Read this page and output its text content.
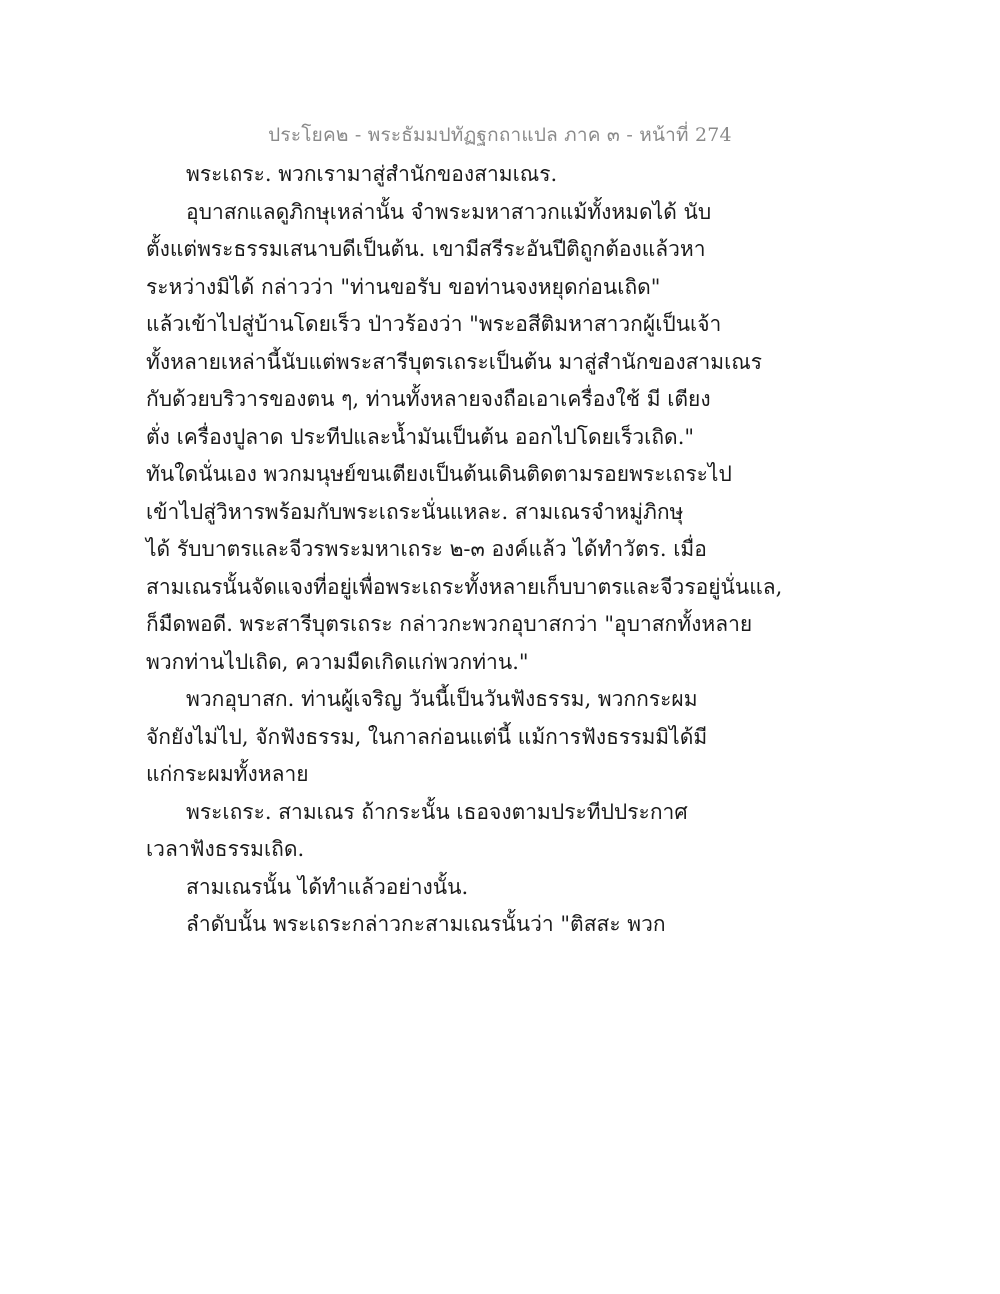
ประโยค๒ - พระธัมมปทัฏฐกถาแปล ภาค ๓ - หน้าที่ 274
พระเถระ. พวกเรามาสู่สำนักของสามเณร.
อุบาสกแลดูภิกษุเหล่านั้น จำพระมหาสาวกแม้ทั้งหมดได้ นับ
ตั้งแต่พระธรรมเสนาบดีเป็นต้น. เขามีสรีระอันปีติถูกต้องแล้วหา
ระหว่างมิได้ กล่าวว่า "ท่านขอรับ ขอท่านจงหยุดก่อนเถิด"
แล้วเข้าไปสู่บ้านโดยเร็ว ป่าวร้องว่า "พระอสีติมหาสาวกผู้เป็นเจ้า
ทั้งหลายเหล่านี้นับแต่พระสารีบุตรเถระเป็นต้น มาสู่สำนักของสามเณร
กับด้วยบริวารของตน ๆ, ท่านทั้งหลายจงถือเอาเครื่องใช้ มี เตียง
ตั่ง เครื่องปูลาด ประทีปและน้ำมันเป็นต้น ออกไปโดยเร็วเถิด."
ทันใดนั่นเอง พวกมนุษย์ขนเตียงเป็นต้นเดินติดตามรอยพระเถระไป
เข้าไปสู่วิหารพร้อมกับพระเถระนั่นแหละ. สามเณรจำหมู่ภิกษุ
ได้ รับบาตรและจีวรพระมหาเถระ ๒-๓ องค์แล้ว ได้ทำวัตร. เมื่อ
สามเณรนั้นจัดแจงที่อยู่เพื่อพระเถระทั้งหลายเก็บบาตรและจีวรอยู่นั่นแล,
ก็มืดพอดี. พระสารีบุตรเถระ กล่าวกะพวกอุบาสกว่า "อุบาสกทั้งหลาย
พวกท่านไปเถิด, ความมืดเกิดแก่พวกท่าน."
พวกอุบาสก. ท่านผู้เจริญ วันนี้เป็นวันฟังธรรม, พวกกระผม
จักยังไม่ไป, จักฟังธรรม, ในกาลก่อนแต่นี้ แม้การฟังธรรมมิได้มี
แก่กระผมทั้งหลาย
พระเถระ. สามเณร ถ้ากระนั้น เธอจงตามประทีปประกาศ
เวลาฟังธรรมเถิด.
สามเณรนั้น ได้ทำแล้วอย่างนั้น.
ลำดับนั้น พระเถระกล่าวกะสามเณรนั้นว่า "ติสสะ พวก
